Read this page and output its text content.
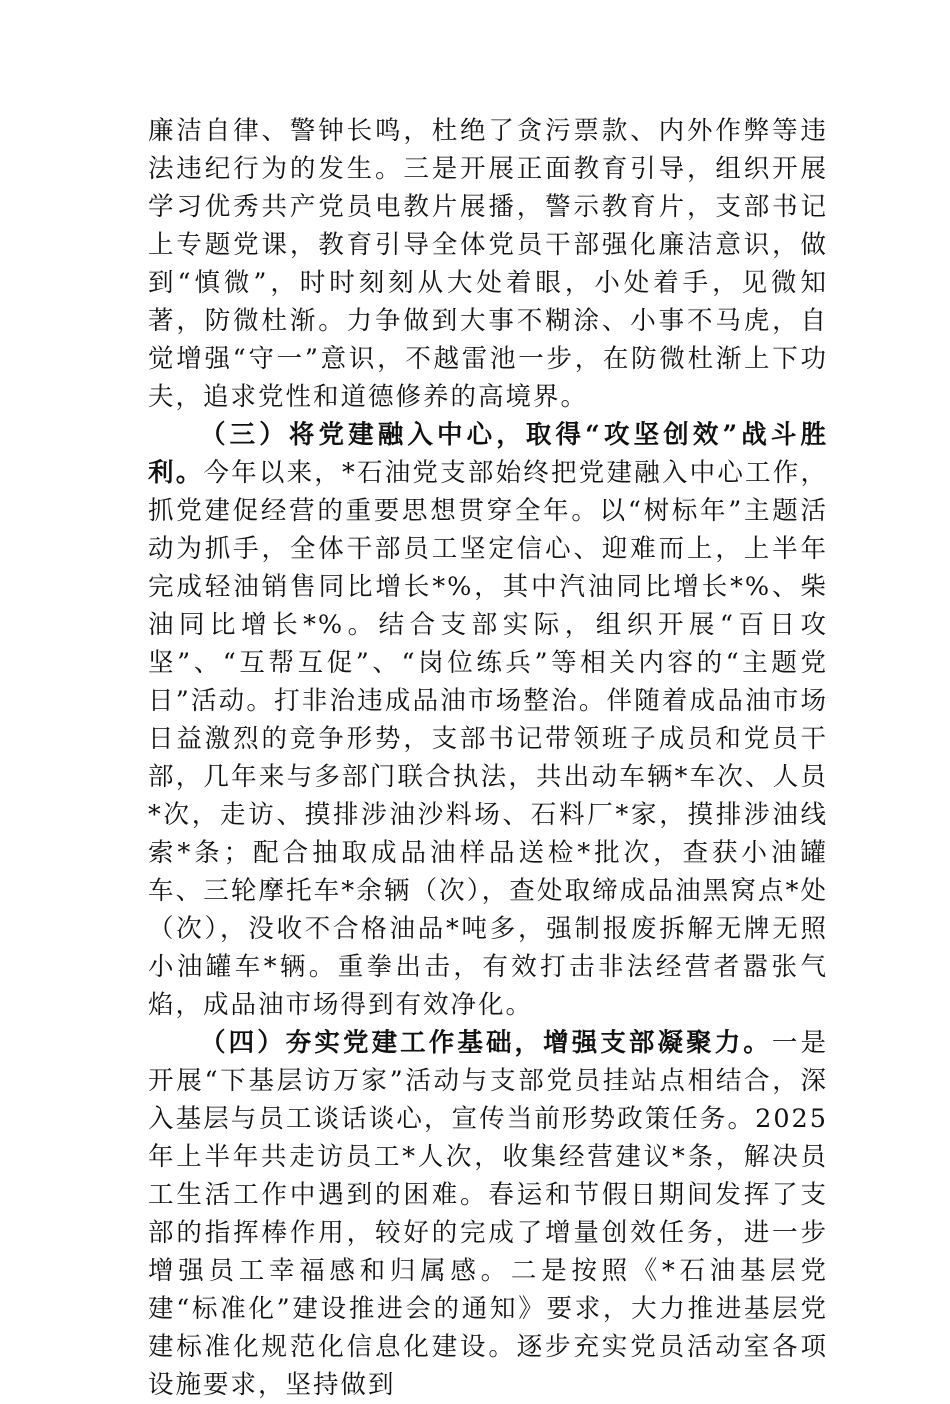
廉洁自律、警钟长鸣，杜绝了贪污票款、内外作弊等违法违纪行为的发生。三是开展正面教育引导，组织开展学习优秀共产党员电教片展播，警示教育片，支部书记上专题党课，教育引导全体党员干部强化廉洁意识，做到“慎微”，时时刻刻从大处着眼，小处着手，见微知著，防微杜渐。力争做到大事不糊涂、小事不马虎，自觉增强“守一”意识，不越雷池一步，在防微杜渐上下功夫，追求党性和道德修养的高境界。

（三）将党建融入中心，取得“攻坚创效”战斗胜利。今年以来，*石油党支部始终把党建融入中心工作，抓党建促经营的重要思想贯穿全年。以“树标年”主题活动为抓手，全体干部员工坚定信心、迎难而上，上半年完成轻油销售同比增长*%，其中汽油同比增长*%、柴油同比增长*%。结合支部实际，组织开展“百日攻坚”、“互帮互促”、“岗位练兵”等相关内容的“主题党日”活动。打非治违成品油市场整治。伴随着成品油市场日益激烈的竞争形势，支部书记带领班子成员和党员干部，几年来与多部门联合执法，共出动车辆*车次、人员*次，走访、摸排涉油沙料场、石料厂*家，摸排涉油线索*条；配合抽取成品油样品送检*批次，查获小油罐车、三轮摩托车*余辆（次），查处取缔成品油黑窝点*处（次），没收不合格油品*吨多，强制报废拆解无牌无照小油罐车*辆。重拳出击，有效打击非法经营者嚣张气焰，成品油市场得到有效净化。

（四）夯实党建工作基础，增强支部凝聚力。一是开展“下基层访万家”活动与支部党员挂站点相结合，深入基层与员工谈话谈心，宣传当前形势政策任务。2025年上半年共走访员工*人次，收集经营建议*条，解决员工生活工作中遇到的困难。春运和节假日期间发挥了支部的指挥棒作用，较好的完成了增量创效任务，进一步增强员工幸福感和归属感。二是按照《*石油基层党建“标准化”建设推进会的通知》要求，大力推进基层党建标准化规范化信息化建设。逐步充实党员活动室各项设施要求，坚持做到
